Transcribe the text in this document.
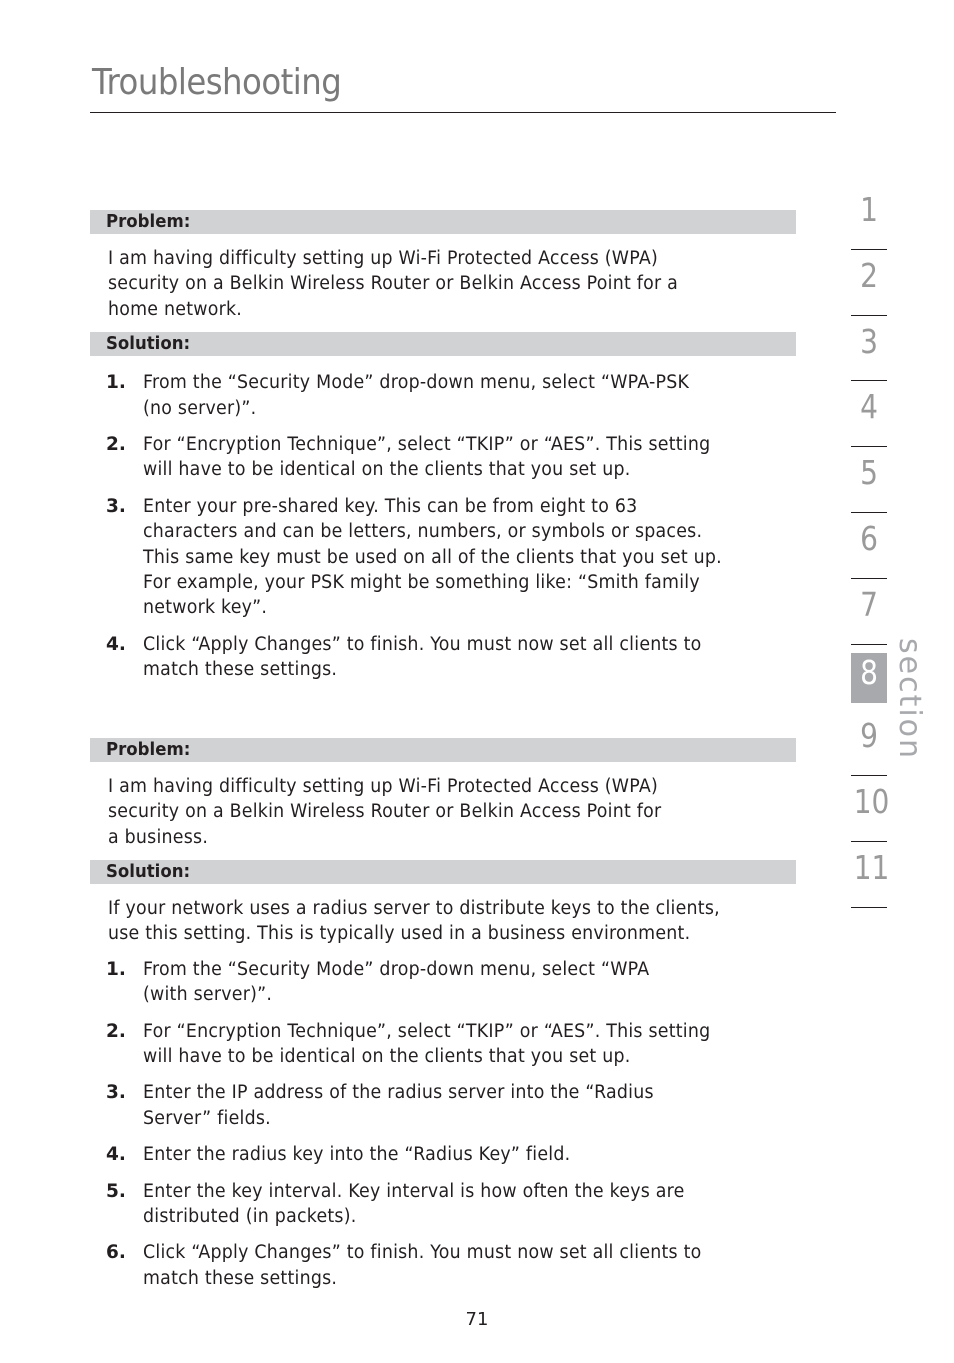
Troubleshooting
Problem:
I am having difficulty setting up Wi-Fi Protected Access (WPA)
security on a Belkin Wireless Router or Belkin Access Point for a
home network.
Solution:
1. From the “Security Mode” drop-down menu, select “WPA-PSK
(no server)”.
2. For “Encryption Technique”, select “TKIP” or “AES”. This setting
will have to be identical on the clients that you set up.
3. Enter your pre-shared key. This can be from eight to 63
characters and can be letters, numbers, or symbols or spaces.
This same key must be used on all of the clients that you set up.
For example, your PSK might be something like: “Smith family
network key”.
4. Click “Apply Changes” to finish. You must now set all clients to
match these settings.
Problem:
I am having difficulty setting up Wi-Fi Protected Access (WPA)
security on a Belkin Wireless Router or Belkin Access Point for
a business.
Solution:
If your network uses a radius server to distribute keys to the clients,
use this setting. This is typically used in a business environment.
1. From the “Security Mode” drop-down menu, select “WPA
(with server)”.
2. For “Encryption Technique”, select “TKIP” or “AES”. This setting
will have to be identical on the clients that you set up.
3. Enter the IP address of the radius server into the “Radius
Server” fields.
4. Enter the radius key into the “Radius Key” field.
5. Enter the key interval. Key interval is how often the keys are
distributed (in packets).
6. Click “Apply Changes” to finish. You must now set all clients to
match these settings.
71
1
2
3
4
5
6
7
8
9
10
11
section
